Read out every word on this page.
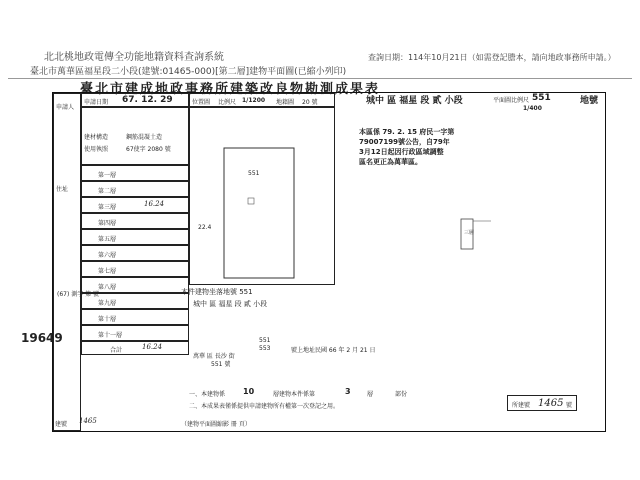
北北桃地政電傳全功能地籍資料查詢系統
臺北市萬華區福星段二小段(建號:01465-000)[第二層]建物平面圖(已縮小列印)
查詢日期：114年10月21日（如需登記謄本，請向地政事務所申請。）
臺北市建成地政事務所建築改良物勘測成果表
城中 區 福星 段 貳 小段	551	地號
申請人
住址
申請日期 67. 12. 29
建材構造	鋼筋混凝土造
使用執照	67使字 2080 號
第一層
第二層
第三層	16.24
第四層
第五層
第六層
第七層
第八層
第九層
第十層
第十一層
合計	16.24
(67) 測字 第 號
19649
551
22.4
位置圖 比例尺 1/1200 地籍圖 20 號	平面圖比例尺
1/400
本區係 79. 2. 15 府民一字第
79007199號公告，自79年
3月12日起因行政區域調整
區名更正為萬華區。
三層
本件建物坐落地號 551
城中 區 福星 段 貳 小段
551
553	號上地址民國 66 年 2 月 21 日
萬華 區 長沙 街
551 號
一、本建物係 10	層建物本件係第	3	層	部份
二、本成果表僅係提供申請建物所有權第一次登記之用。	所建號 1465 號
建號 1465	（建物平面圖縮影 冊 頁）
